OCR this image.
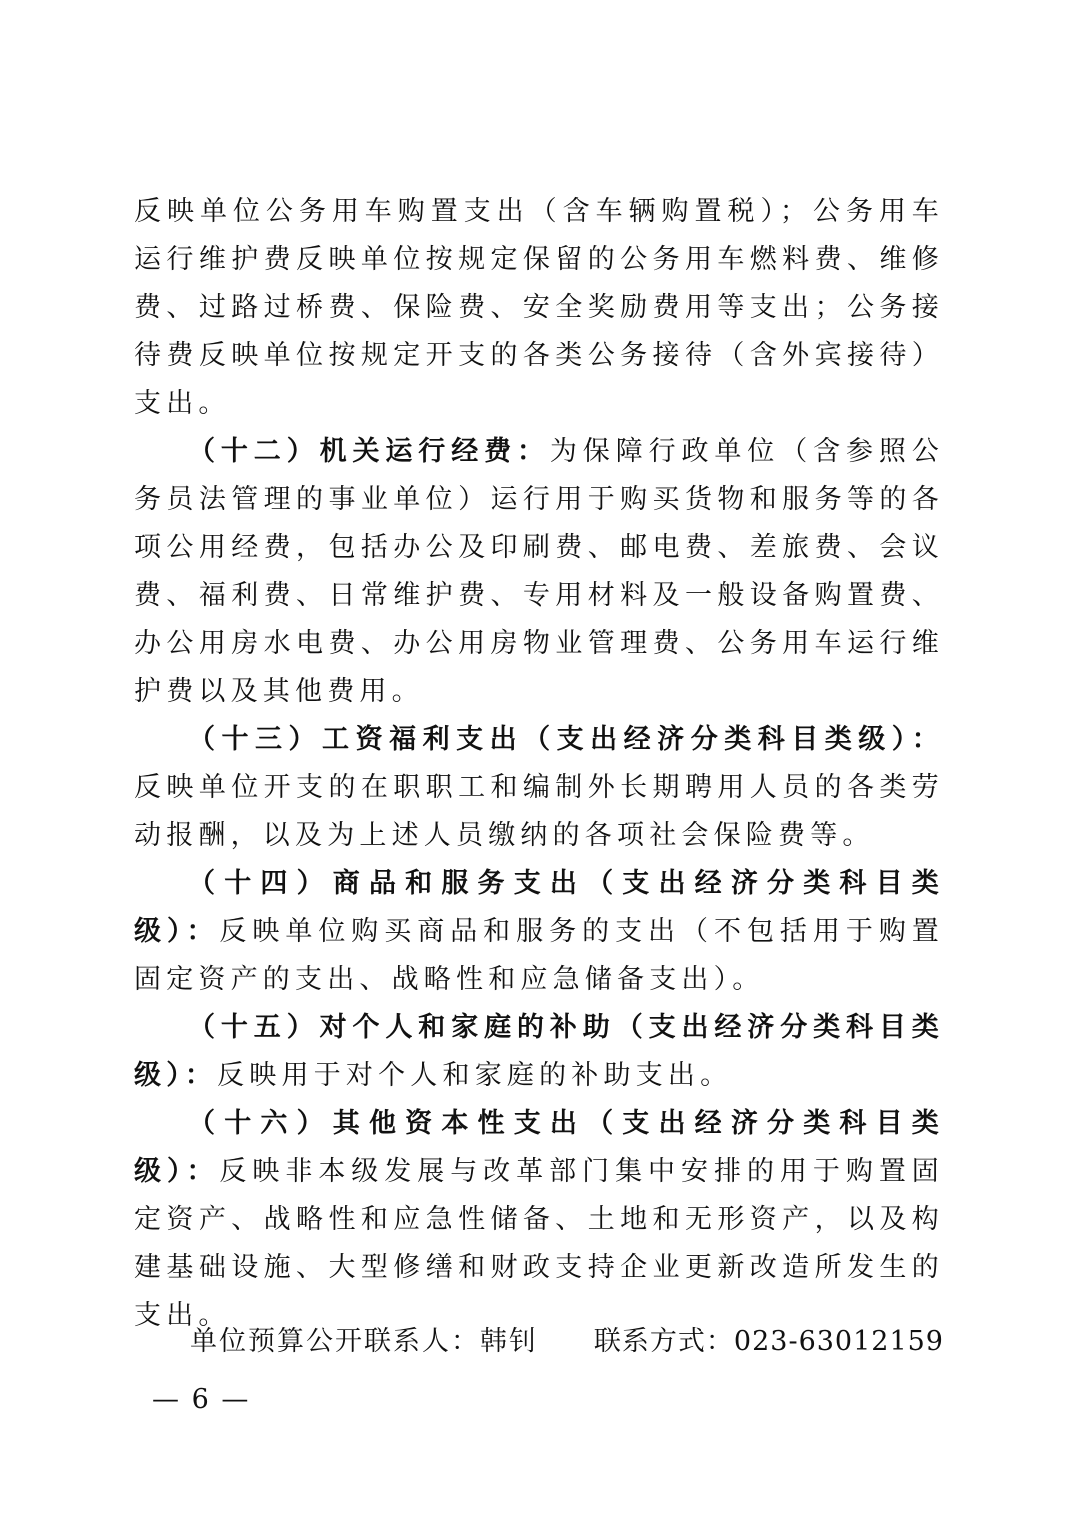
反映单位公务用车购置支出（含车辆购置税）；公务用车运行维护费反映单位按规定保留的公务用车燃料费、维修费、过路过桥费、保险费、安全奖励费用等支出；公务接待费反映单位按规定开支的各类公务接待（含外宾接待）支出。

（十二）机关运行经费：为保障行政单位（含参照公务员法管理的事业单位）运行用于购买货物和服务等的各项公用经费，包括办公及印刷费、邮电费、差旅费、会议费、福利费、日常维护费、专用材料及一般设备购置费、办公用房水电费、办公用房物业管理费、公务用车运行维护费以及其他费用。

（十三）工资福利支出（支出经济分类科目类级）：反映单位开支的在职职工和编制外长期聘用人员的各类劳动报酬，以及为上述人员缴纳的各项社会保险费等。

（十四）商品和服务支出（支出经济分类科目类级）：反映单位购买商品和服务的支出（不包括用于购置固定资产的支出、战略性和应急储备支出）。

（十五）对个人和家庭的补助（支出经济分类科目类级）：反映用于对个人和家庭的补助支出。

（十六）其他资本性支出（支出经济分类科目类级）：反映非本级发展与改革部门集中安排的用于购置固定资产、战略性和应急性储备、土地和无形资产，以及构建基础设施、大型修缮和财政支持企业更新改造所发生的支出。

单位预算公开联系人：韩钊 联系方式：023-63012159
— 6 —
